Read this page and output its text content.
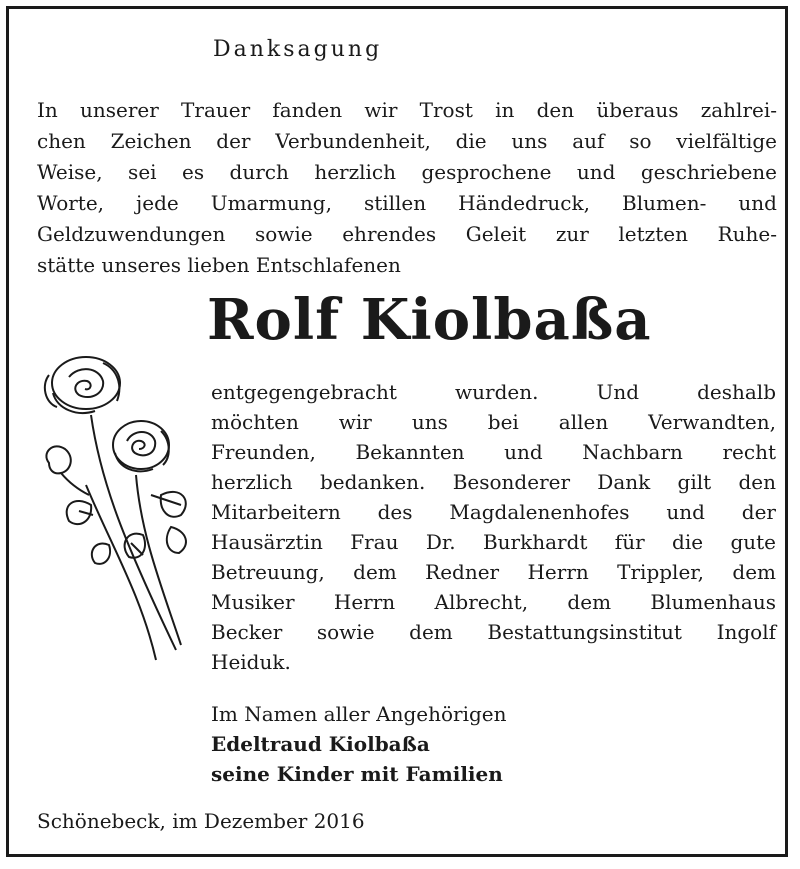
Danksagung
In unserer Trauer fanden wir Trost in den überaus zahlrei-
chen Zeichen der Verbundenheit, die uns auf so vielfältige
Weise, sei es durch herzlich gesprochene und geschriebene
Worte, jede Umarmung, stillen Händedruck, Blumen- und
Geldzuwendungen sowie ehrendes Geleit zur letzten Ruhe-
stätte unseres lieben Entschlafenen
Rolf Kiolbaßa
entgegengebracht wurden. Und deshalb
möchten wir uns bei allen Verwandten,
Freunden, Bekannten und Nachbarn recht
herzlich bedanken. Besonderer Dank gilt den
Mitarbeitern des Magdalenenhofes und der
Hausärztin Frau Dr. Burkhardt für die gute
Betreuung, dem Redner Herrn Trippler, dem
Musiker Herrn Albrecht, dem Blumenhaus
Becker sowie dem Bestattungsinstitut Ingolf
Heiduk.
Im Namen aller Angehörigen
Edeltraud Kiolbaßa
seine Kinder mit Familien
Schönebeck, im Dezember 2016
